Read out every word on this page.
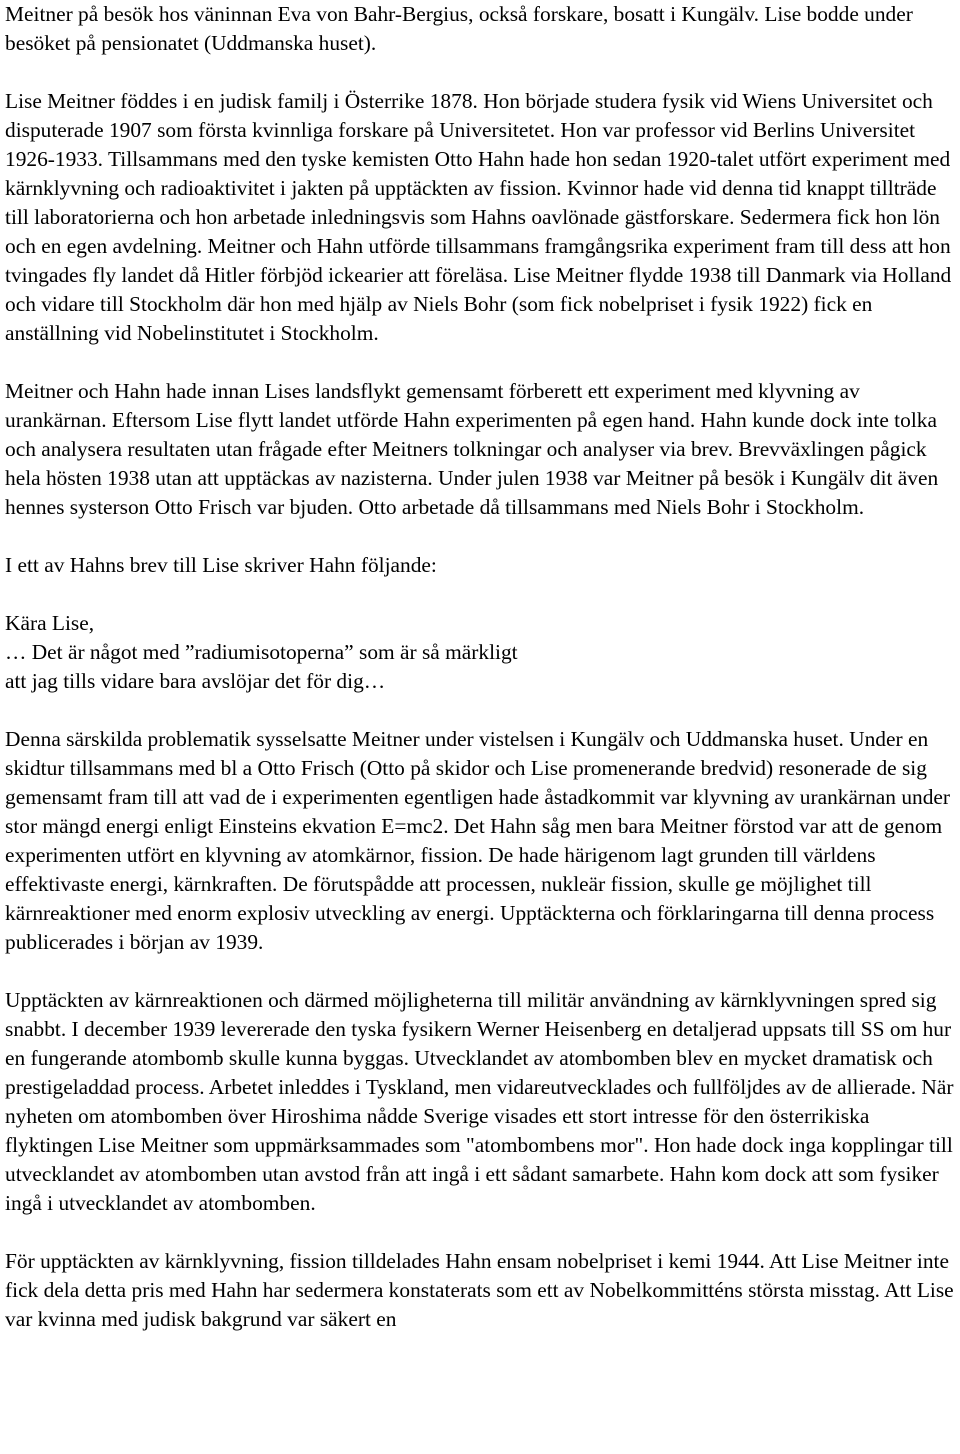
Meitner på besök hos väninnan Eva von Bahr-Bergius, också forskare, bosatt i Kungälv. Lise bodde under besöket på pensionatet (Uddmanska huset).

Lise Meitner föddes i en judisk familj i Österrike 1878. Hon började studera fysik vid Wiens Universitet och disputerade 1907 som första kvinnliga forskare på Universitetet. Hon var professor vid Berlins Universitet 1926-1933. Tillsammans med den tyske kemisten Otto Hahn hade hon sedan 1920-talet utfört experiment med kärnklyvning och radioaktivitet i jakten på upptäckten av fission. Kvinnor hade vid denna tid knappt tillträde till laboratorierna och hon arbetade inledningsvis som Hahns oavlönade gästforskare. Sedermera fick hon lön och en egen avdelning. Meitner och Hahn utförde tillsammans framgångsrika experiment fram till dess att hon tvingades fly landet då Hitler förbjöd ickearier att föreläsa. Lise Meitner flydde 1938 till Danmark via Holland och vidare till Stockholm där hon med hjälp av Niels Bohr (som fick nobelpriset i fysik 1922) fick en anställning vid Nobelinstitutet i Stockholm.

Meitner och Hahn hade innan Lises landsflykt gemensamt förberett ett experiment med klyvning av urankärnan. Eftersom Lise flytt landet utförde Hahn experimenten på egen hand. Hahn kunde dock inte tolka och analysera resultaten utan frågade efter Meitners tolkningar och analyser via brev. Brevväxlingen pågick hela hösten 1938 utan att upptäckas av nazisterna. Under julen 1938 var Meitner på besök i Kungälv dit även hennes systerson Otto Frisch var bjuden. Otto arbetade då tillsammans med Niels Bohr i Stockholm.

I ett av Hahns brev till Lise skriver Hahn följande:

Kära Lise,
… Det är något med ”radiumisotoperna” som är så märkligt
att jag tills vidare bara avslöjar det för dig…

Denna särskilda problematik sysselsatte Meitner under vistelsen i Kungälv och Uddmanska huset. Under en skidtur tillsammans med bl a Otto Frisch (Otto på skidor och Lise promenerande bredvid) resonerade de sig gemensamt fram till att vad de i experimenten egentligen hade åstadkommit var klyvning av urankärnan under stor mängd energi enligt Einsteins ekvation E=mc2. Det Hahn såg men bara Meitner förstod var att de genom experimenten utfört en klyvning av atomkärnor, fission. De hade härigenom lagt grunden till världens effektivaste energi, kärnkraften. De förutspådde att processen, nukleär fission, skulle ge möjlighet till kärnreaktioner med enorm explosiv utveckling av energi. Upptäckterna och förklaringarna till denna process publicerades i början av 1939.

Upptäckten av kärnreaktionen och därmed möjligheterna till militär användning av kärnklyvningen spred sig snabbt. I december 1939 levererade den tyska fysikern Werner Heisenberg en detaljerad uppsats till SS om hur en fungerande atombomb skulle kunna byggas. Utvecklandet av atombomben blev en mycket dramatisk och prestigeladdad process. Arbetet inleddes i Tyskland, men vidareutvecklades och fullföljdes av de allierade. När nyheten om atombomben över Hiroshima nådde Sverige visades ett stort intresse för den österrikiska flyktingen Lise Meitner som uppmärksammades som "atombombens mor". Hon hade dock inga kopplingar till utvecklandet av atombomben utan avstod från att ingå i ett sådant samarbete. Hahn kom dock att som fysiker ingå i utvecklandet av atombomben.

För upptäckten av kärnklyvning, fission tilldelades Hahn ensam nobelpriset i kemi 1944. Att Lise Meitner inte fick dela detta pris med Hahn har sedermera konstaterats som ett av Nobelkommitténs största misstag. Att Lise var kvinna med judisk bakgrund var säkert en
